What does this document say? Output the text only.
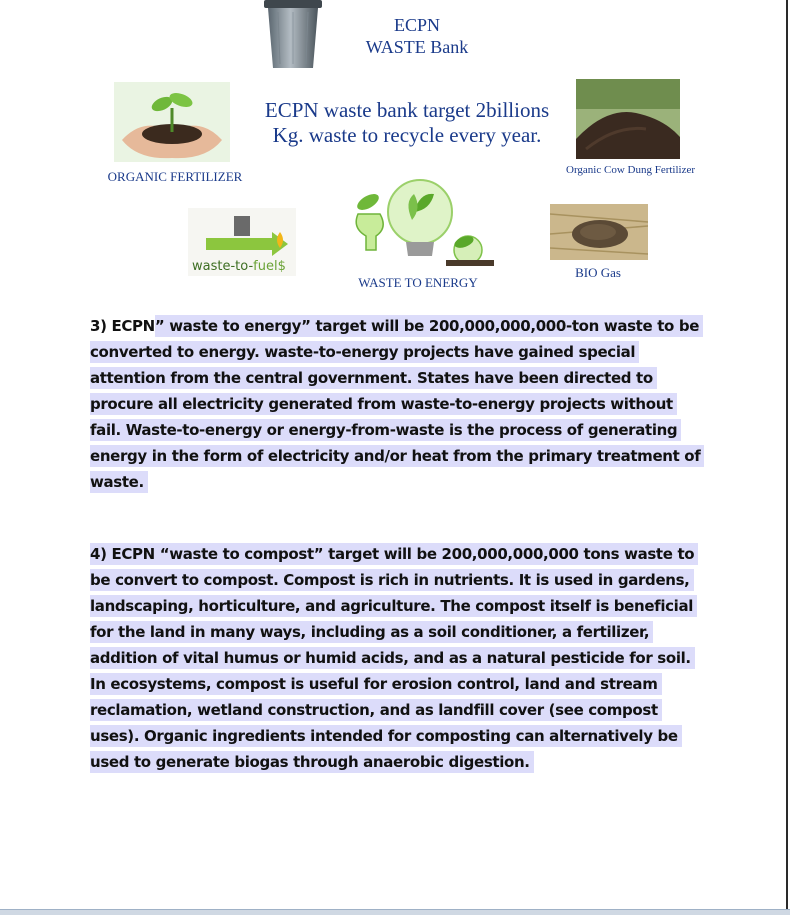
ECPN
WASTE Bank
ECPN waste bank target 2billions
Kg. waste to recycle every year.
ORGANIC FERTILIZER	Organic Cow Dung Fertilizer
waste-to-fuel$
WASTE TO ENERGY
BIO Gas
3) ECPN” waste to energy” target will be 200,000,000,000-ton waste to be converted to energy. waste-to-energy projects have gained special attention from the central government. States have been directed to procure all electricity generated from waste-to-energy projects without fail. Waste-to-energy or energy-from-waste is the process of generating energy in the form of electricity and/or heat from the primary treatment of waste.
4) ECPN “waste to compost” target will be 200,000,000,000 tons waste to be convert to compost. Compost is rich in nutrients. It is used in gardens, landscaping, horticulture, and agriculture. The compost itself is beneficial for the land in many ways, including as a soil conditioner, a fertilizer, addition of vital humus or humid acids, and as a natural pesticide for soil. In ecosystems, compost is useful for erosion control, land and stream reclamation, wetland construction, and as landfill cover (see compost uses). Organic ingredients intended for composting can alternatively be used to generate biogas through anaerobic digestion.
